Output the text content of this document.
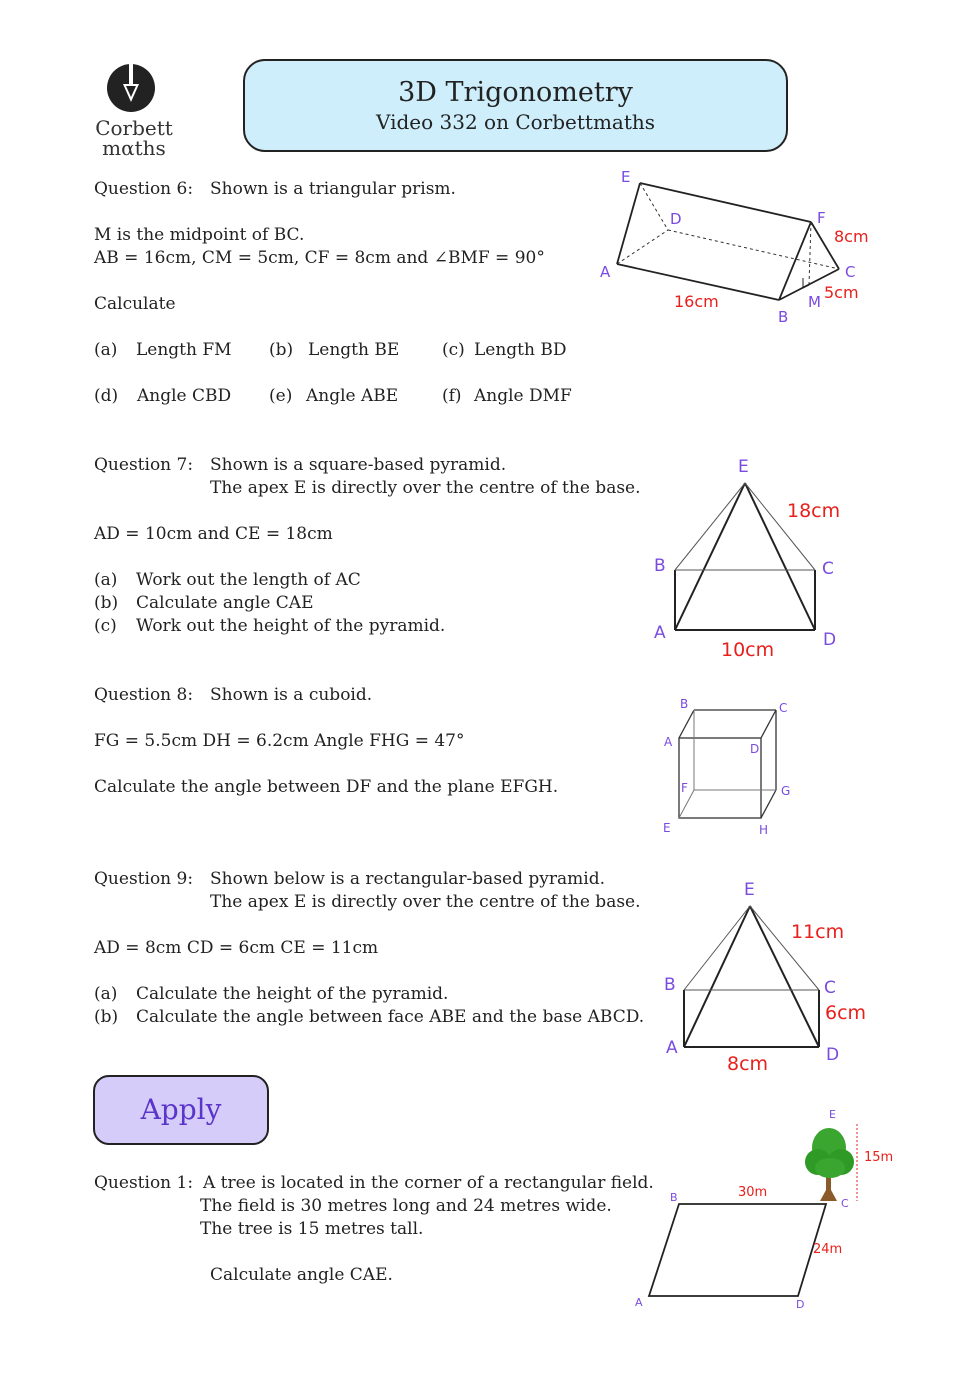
Corbett
mαths
3D Trigonometry
Video 332 on Corbettmaths
Question 6: Shown is a triangular prism.
M is the midpoint of BC.
AB = 16cm, CM = 5cm, CF = 8cm and ∠BMF = 90°
Calculate
(a) Length FM (b) Length BE	(c) Length BD
(d) Angle CBD (e) Angle ABE	(f) Angle DMF
E
D	F
A
B
C
M
16cm
8cm
5cm
Question 7: Shown is a square-based pyramid.
The apex E is directly over the centre of the base.
AD = 10cm and CE = 18cm
(a) Work out the length of AC
(b) Calculate angle CAE
(c) Work out the height of the pyramid.
E
B	C
A	D
18cm
10cm
Question 8: Shown is a cuboid.
FG = 5.5cm DH = 6.2cm Angle FHG = 47°
Calculate the angle between DF and the plane EFGH.
B	C
A	D
F	G
E	H
Question 9: Shown below is a rectangular-based pyramid.
The apex E is directly over the centre of the base.
AD = 8cm CD = 6cm CE = 11cm
(a) Calculate the height of the pyramid.
(b) Calculate the angle between face ABE and the base ABCD.
E
B	C
A	D
11cm
6cm
8cm
Apply
Question 1: A tree is located in the corner of a rectangular field.
The field is 30 metres long and 24 metres wide.
The tree is 15 metres tall.
Calculate angle CAE.
E
B	C
A	D
15m
30m
24m
